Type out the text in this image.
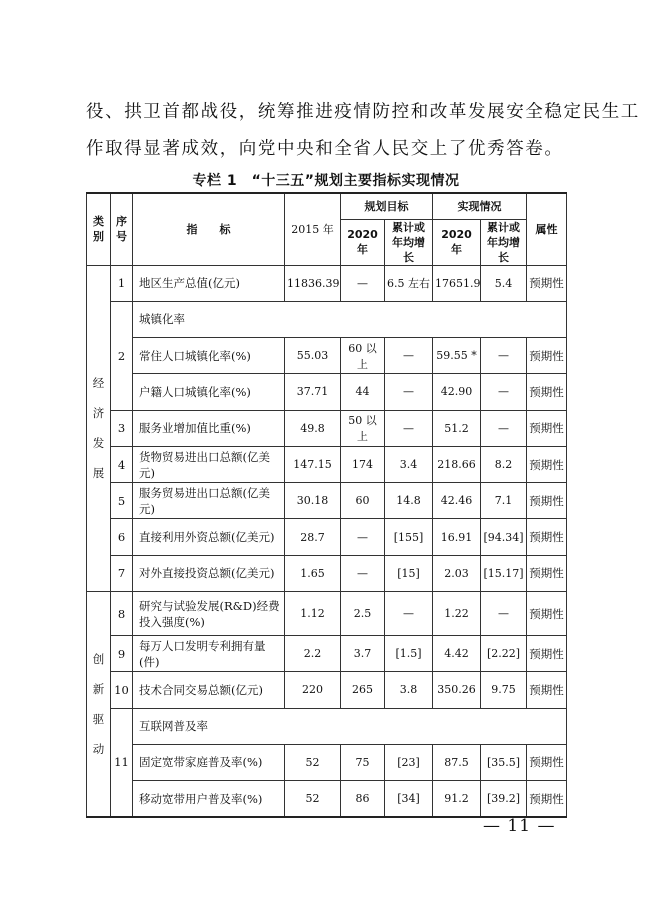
役、拱卫首都战役，统筹推进疫情防控和改革发展安全稳定民生工
作取得显著成效，向党中央和全省人民交上了优秀答卷。

专栏 1　“十三五”规划主要指标实现情况
类别	序号	指　　标	2015 年	规划目标		实现情况		属性
				2020 年	累计或年均增长	2020 年	累计或年均增长	

经
济
发
展	1	地区生产总值(亿元)	11836.39	—	6.5 左右	17651.9	5.4	预期性
	2	城镇化率						
		常住人口城镇化率(%)	55.03	60 以上	—	59.55 *	—	预期性
		户籍人口城镇化率(%)	37.71	44	—	42.90	—	预期性
	3	服务业增加值比重(%)	49.8	50 以上	—	51.2	—	预期性
	4	货物贸易进出口总额(亿美元)	147.15	174	3.4	218.66	8.2	预期性
	5	服务贸易进出口总额(亿美元)	30.18	60	14.8	42.46	7.1	预期性
	6	直接利用外资总额(亿美元)	28.7	—	[155]	16.91	[94.34]	预期性
	7	对外直接投资总额(亿美元)	1.65	—	[15]	2.03	[15.17]	预期性

创
新
驱
动	8	研究与试验发展(R&D)经费投入强度(%)	1.12	2.5	—	1.22	—	预期性
	9	每万人口发明专利拥有量(件)	2.2	3.7	[1.5]	4.42	[2.22]	预期性
	10	技术合同交易总额(亿元)	220	265	3.8	350.26	9.75	预期性
	11	互联网普及率						
		固定宽带家庭普及率(%)	52	75	[23]	87.5	[35.5]	预期性
		移动宽带用户普及率(%)	52	86	[34]	91.2	[39.2]	预期性
— 11 —
